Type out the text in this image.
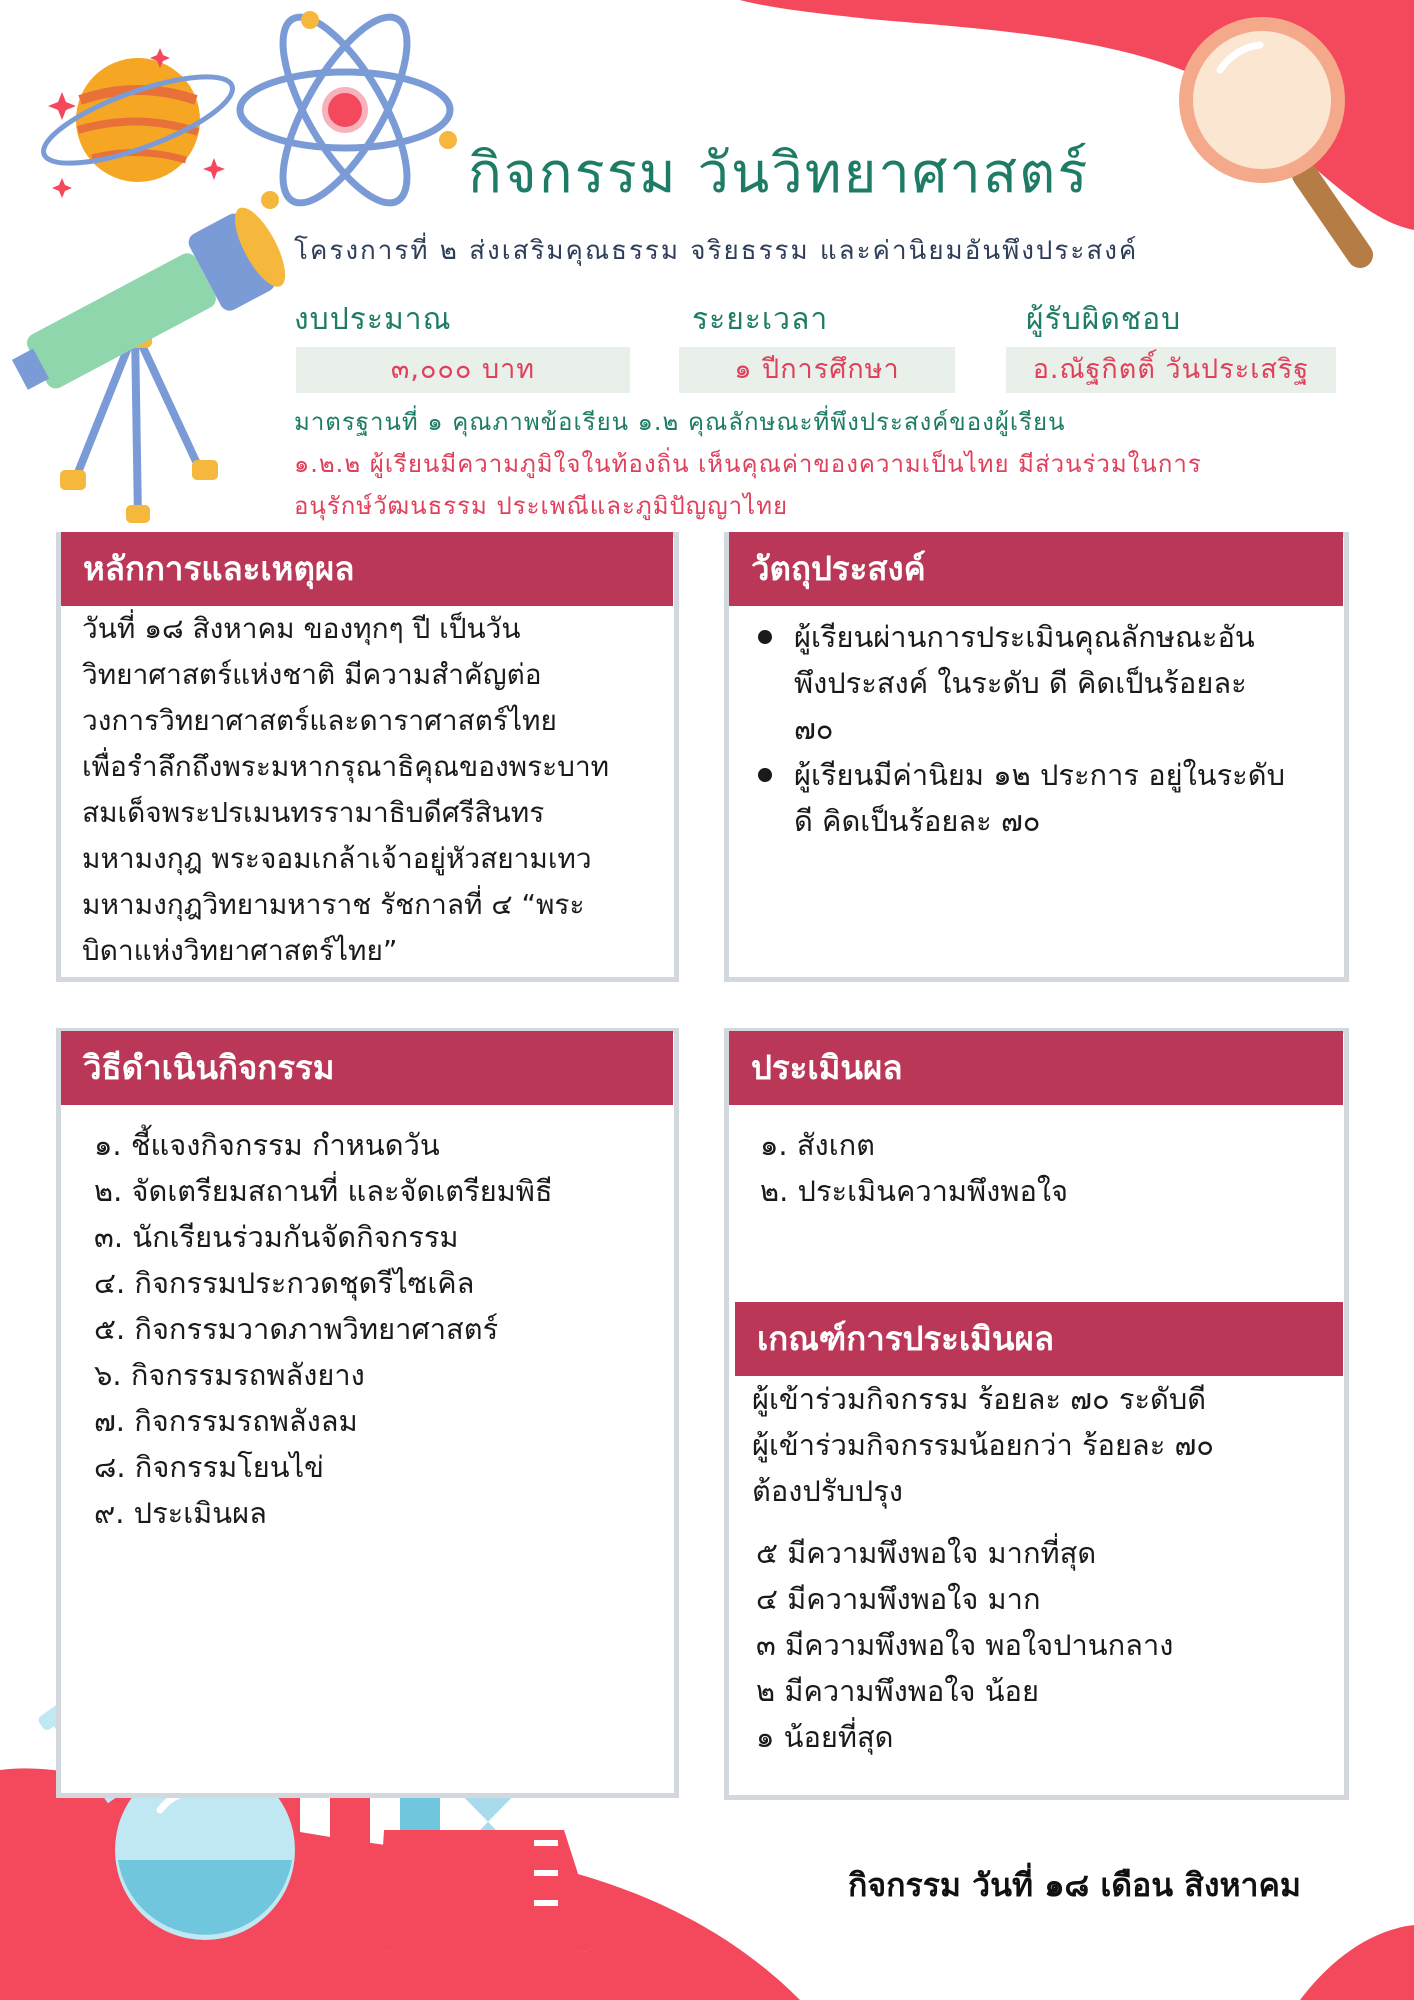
กิจกรรม วันวิทยาศาสตร์
โครงการที่ ๒ ส่งเสริมคุณธรรม จริยธรรม และค่านิยมอันพึงประสงค์
งบประมาณ	ระยะเวลา	ผู้รับผิดชอบ
๓,๐๐๐ บาท	๑ ปีการศึกษา	อ.ณัฐกิตติ์ วันประเสริฐ
มาตรฐานที่ ๑ คุณภาพข้อเรียน ๑.๒ คุณลักษณะที่พึงประสงค์ของผู้เรียน
๑.๒.๒ ผู้เรียนมีความภูมิใจในท้องถิ่น เห็นคุณค่าของความเป็นไทย มีส่วนร่วมในการ
อนุรักษ์วัฒนธรรม ประเพณีและภูมิปัญญาไทย
หลักการและเหตุผล
วันที่ ๑๘ สิงหาคม ของทุกๆ ปี เป็นวัน
วิทยาศาสตร์แห่งชาติ มีความสำคัญต่อ
วงการวิทยาศาสตร์และดาราศาสตร์ไทย
เพื่อรำลึกถึงพระมหากรุณาธิคุณของพระบาท
สมเด็จพระปรเมนทรรามาธิบดีศรีสินทร
มหามงกุฎ พระจอมเกล้าเจ้าอยู่หัวสยามเทว
มหามงกุฎวิทยามหาราช รัชกาลที่ ๔ “พระ
บิดาแห่งวิทยาศาสตร์ไทย”
วัตถุประสงค์
ผู้เรียนผ่านการประเมินคุณลักษณะอัน
พึงประสงค์ ในระดับ ดี คิดเป็นร้อยละ
๗๐
ผู้เรียนมีค่านิยม ๑๒ ประการ อยู่ในระดับ
ดี คิดเป็นร้อยละ ๗๐
วิธีดำเนินกิจกรรม
๑. ชี้แจงกิจกรรม กำหนดวัน
๒. จัดเตรียมสถานที่ และจัดเตรียมพิธี
๓. นักเรียนร่วมกันจัดกิจกรรม
๔. กิจกรรมประกวดชุดรีไซเคิล
๕. กิจกรรมวาดภาพวิทยาศาสตร์
๖. กิจกรรมรถพลังยาง
๗. กิจกรรมรถพลังลม
๘. กิจกรรมโยนไข่
๙. ประเมินผล
ประเมินผล
๑. สังเกต
๒. ประเมินความพึงพอใจ
เกณฑ์การประเมินผล
ผู้เข้าร่วมกิจกรรม ร้อยละ ๗๐ ระดับดี
ผู้เข้าร่วมกิจกรรมน้อยกว่า ร้อยละ ๗๐
ต้องปรับปรุง
๕ มีความพึงพอใจ มากที่สุด
๔ มีความพึงพอใจ มาก
๓ มีความพึงพอใจ พอใจปานกลาง
๒ มีความพึงพอใจ น้อย
๑ น้อยที่สุด
กิจกรรม วันที่ ๑๘ เดือน สิงหาคม
